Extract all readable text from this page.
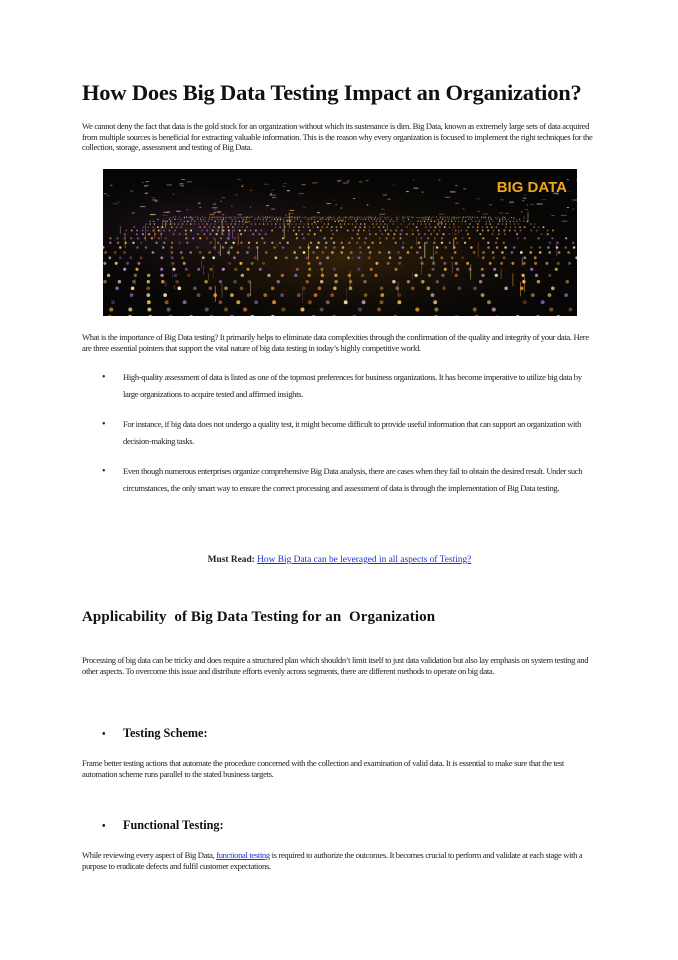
How Does Big Data Testing Impact an Organization?

We cannot deny the fact that data is the gold stock for an organization without which its sustenance is dim. Big Data, known as extremely large sets of data acquired from multiple sources is beneficial for extracting valuable information. This is the reason why every organization is focused to implement the right techniques for the collection, storage, assessment and testing of Big Data.

BIG DATA

What is the importance of Big Data testing? It primarily helps to eliminate data complexities through the confirmation of the quality and integrity of your data. Here are three essential pointers that support the vital nature of big data testing in today’s highly competitive world.

• High-quality assessment of data is listed as one of the topmost preferences for business organizations. It has become imperative to utilize big data by large organizations to acquire tested and affirmed insights.
• For instance, if big data does not undergo a quality test, it might become difficult to provide useful information that can support an organization with decision-making tasks.
• Even though numerous enterprises organize comprehensive Big Data analysis, there are cases when they fail to obtain the desired result. Under such circumstances, the only smart way to ensure the correct processing and assessment of data is through the implementation of Big Data testing.
Must Read: How Big Data can be leveraged in all aspects of Testing?
Applicability  of Big Data Testing for an  Organization

Processing of big data can be tricky and does require a structured plan which shouldn’t limit itself to just data validation but also lay emphasis on system testing and other aspects. To overcome this issue and distribute efforts evenly across segments, there are different methods to operate on big data.

• Testing Scheme:

Frame better testing actions that automate the procedure concerned with the collection and examination of valid data. It is essential to make sure that the test automation scheme runs parallel to the stated business targets.

• Functional Testing:

While reviewing every aspect of Big Data, functional testing is required to authorize the outcomes. It becomes crucial to perform and validate at each stage with a purpose to eradicate defects and fulfil customer expectations.
